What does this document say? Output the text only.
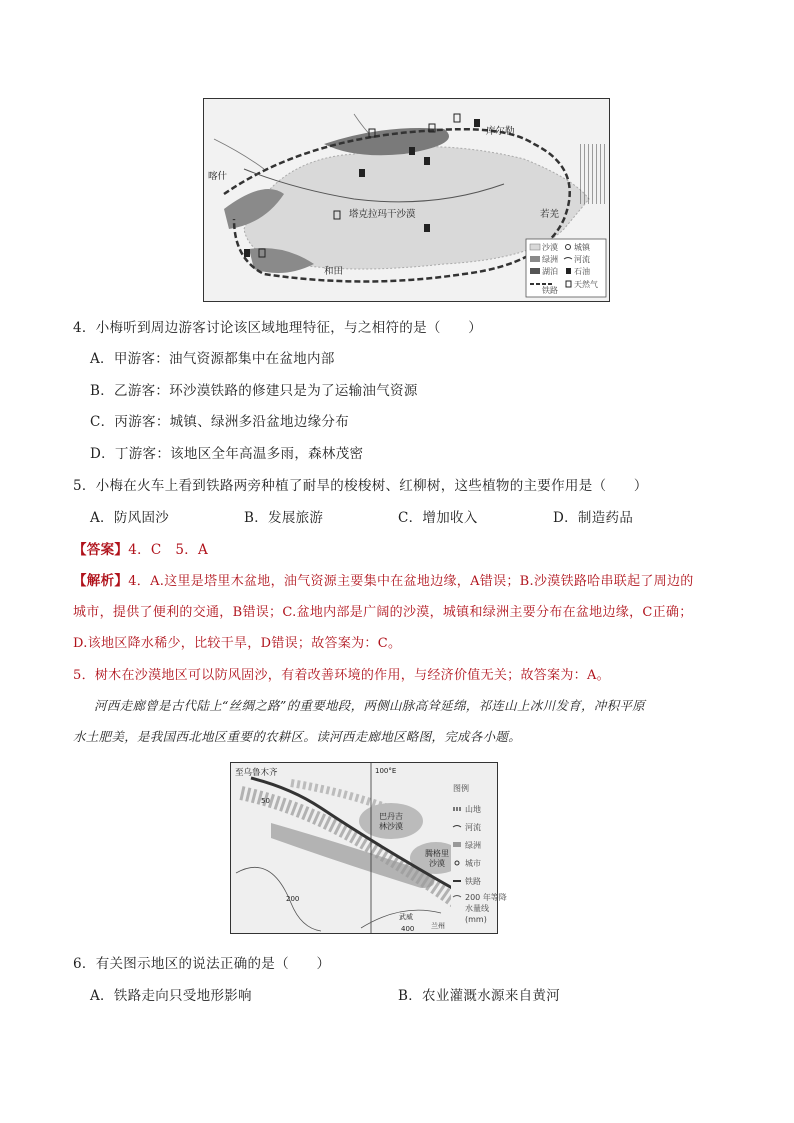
喀什
库尔勒
若羌
和田
塔克拉玛干沙漠
沙漠 城镇
绿洲 河流
湖泊 石油
铁路
天然气
4．小梅听到周边游客讨论该区域地理特征，与之相符的是（　　）
A．甲游客：油气资源都集中在盆地内部
B．乙游客：环沙漠铁路的修建只是为了运输油气资源
C．丙游客：城镇、绿洲多沿盆地边缘分布
D．丁游客：该地区全年高温多雨，森林茂密
5．小梅在火车上看到铁路两旁种植了耐旱的梭梭树、红柳树，这些植物的主要作用是（　　）
A．防风固沙	B．发展旅游	C．增加收入	D．制造药品
【答案】4．C　5．A
【解析】4．A.这里是塔里木盆地，油气资源主要集中在盆地边缘，A错误；B.沙漠铁路哈串联起了周边的
城市，提供了便利的交通，B错误；C.盆地内部是广阔的沙漠，城镇和绿洲主要分布在盆地边缘，C正确；
D.该地区降水稀少，比较干旱，D错误；故答案为：C。
5．树木在沙漠地区可以防风固沙，有着改善环境的作用，与经济价值无关；故答案为：A。
河西走廊曾是古代陆上“丝绸之路”的重要地段，两侧山脉高耸延绵，祁连山上冰川发育，冲积平原
水土肥美，是我国西北地区重要的农耕区。读河西走廊地区略图，完成各小题。
图例
山地
河流
绿洲
城市
铁路
200 年等降
水量线
(mm)
至乌鲁木齐	100°E
巴丹吉
林沙漠
腾格里
沙漠
武威
兰州
200
400
50
6．有关图示地区的说法正确的是（　　）
A．铁路走向只受地形影响	B．农业灌溉水源来自黄河
